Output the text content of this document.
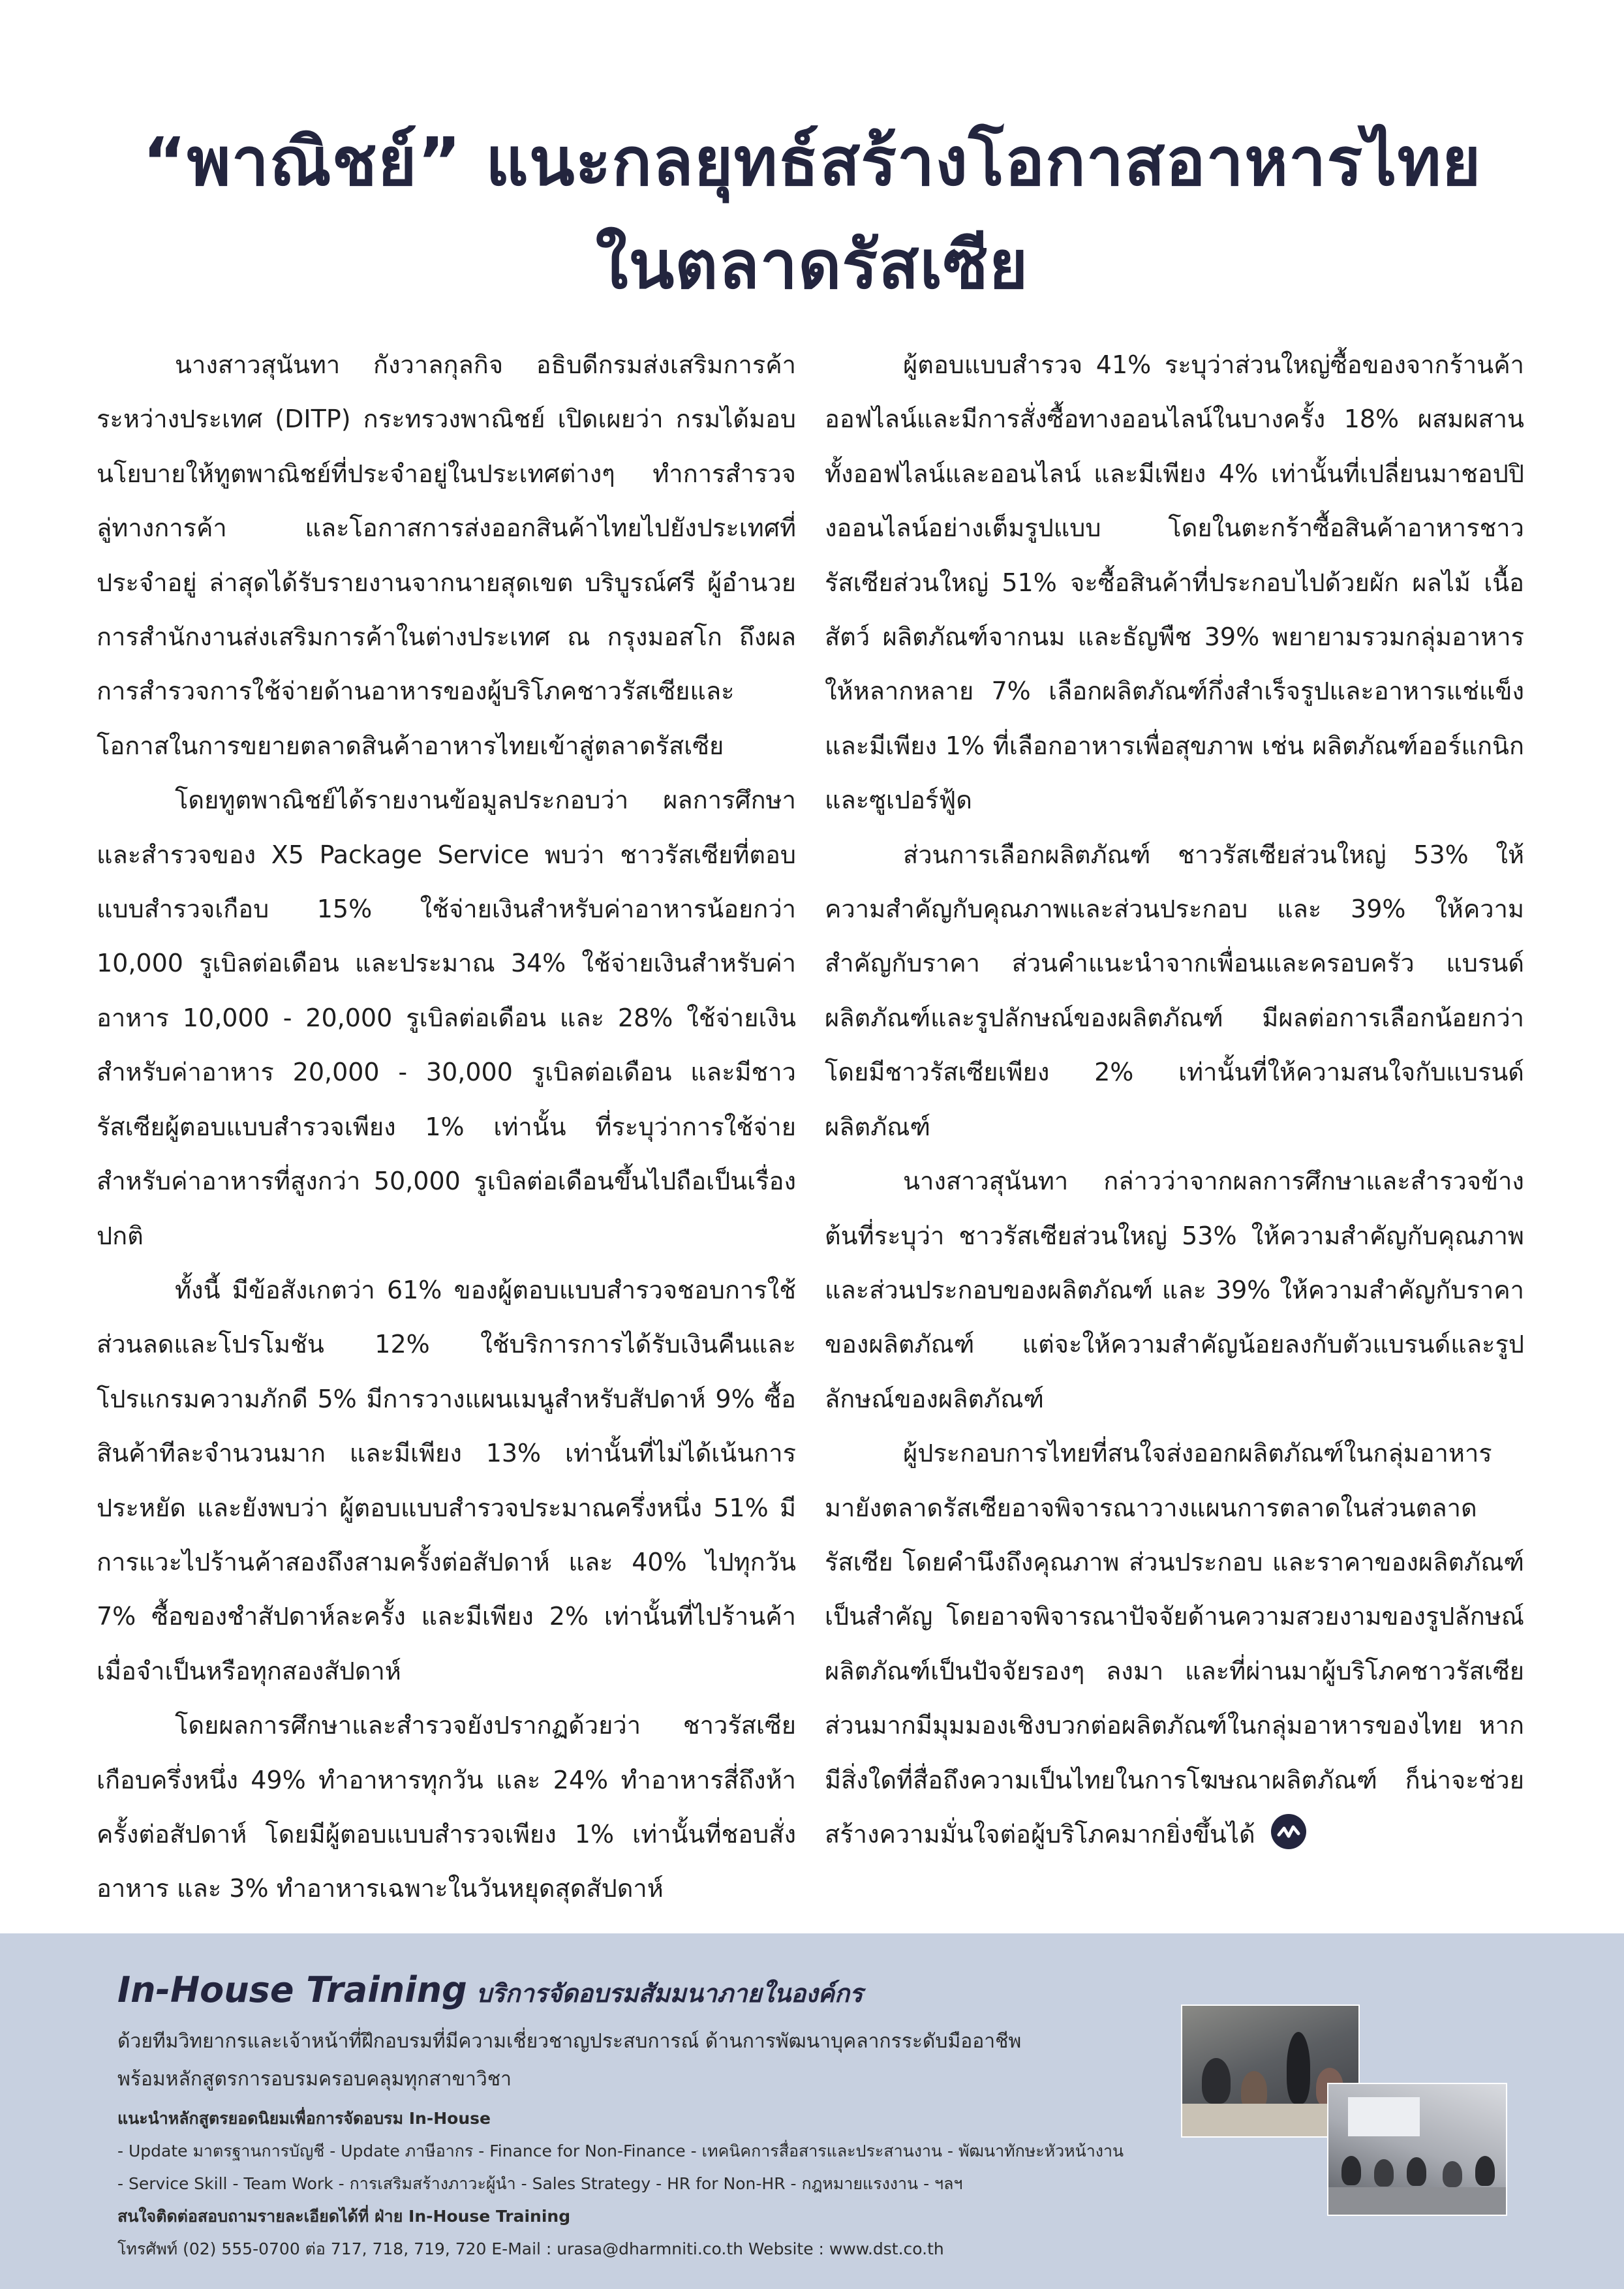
“พาณิชย์” แนะกลยุทธ์สร้างโอกาสอาหารไทย
ในตลาดรัสเซีย

นางสาวสุนันทา กังวาลกุลกิจ อธิบดีกรมส่งเสริมการค้าระหว่างประเทศ (DITP) กระทรวงพาณิชย์ เปิดเผยว่า กรมได้มอบนโยบายให้ทูตพาณิชย์ที่ประจำอยู่ในประเทศต่างๆ ทำการสำรวจลู่ทางการค้า และโอกาสการส่งออกสินค้าไทยไปยังประเทศที่ประจำอยู่ ล่าสุดได้รับรายงานจากนายสุดเขต บริบูรณ์ศรี ผู้อำนวยการสำนักงานส่งเสริมการค้าในต่างประเทศ ณ กรุงมอสโก ถึงผลการสำรวจการใช้จ่ายด้านอาหารของผู้บริโภคชาวรัสเซียและโอกาสในการขยายตลาดสินค้าอาหารไทยเข้าสู่ตลาดรัสเซีย

โดยทูตพาณิชย์ได้รายงานข้อมูลประกอบว่า ผลการศึกษาและสำรวจของ X5 Package Service พบว่า ชาวรัสเซียที่ตอบแบบสำรวจเกือบ 15% ใช้จ่ายเงินสำหรับค่าอาหารน้อยกว่า 10,000 รูเบิลต่อเดือน และประมาณ 34% ใช้จ่ายเงินสำหรับค่าอาหาร 10,000 - 20,000 รูเบิลต่อเดือน และ 28% ใช้จ่ายเงินสำหรับค่าอาหาร 20,000 - 30,000 รูเบิลต่อเดือน และมีชาวรัสเซียผู้ตอบแบบสำรวจเพียง 1% เท่านั้น ที่ระบุว่าการใช้จ่ายสำหรับค่าอาหารที่สูงกว่า 50,000 รูเบิลต่อเดือนขึ้นไปถือเป็นเรื่องปกติ

ทั้งนี้ มีข้อสังเกตว่า 61% ของผู้ตอบแบบสำรวจชอบการใช้ส่วนลดและโปรโมชัน 12% ใช้บริการการได้รับเงินคืนและโปรแกรมความภักดี 5% มีการวางแผนเมนูสำหรับสัปดาห์ 9% ซื้อสินค้าทีละจำนวนมาก และมีเพียง 13% เท่านั้นที่ไม่ได้เน้นการประหยัด และยังพบว่า ผู้ตอบแบบสำรวจประมาณครึ่งหนึ่ง 51% มีการแวะไปร้านค้าสองถึงสามครั้งต่อสัปดาห์ และ 40% ไปทุกวัน 7% ซื้อของชำสัปดาห์ละครั้ง และมีเพียง 2% เท่านั้นที่ไปร้านค้าเมื่อจำเป็นหรือทุกสองสัปดาห์

โดยผลการศึกษาและสำรวจยังปรากฏด้วยว่า ชาวรัสเซียเกือบครึ่งหนึ่ง 49% ทำอาหารทุกวัน และ 24% ทำอาหารสี่ถึงห้าครั้งต่อสัปดาห์ โดยมีผู้ตอบแบบสำรวจเพียง 1% เท่านั้นที่ชอบสั่งอาหาร และ 3% ทำอาหารเฉพาะในวันหยุดสุดสัปดาห์

ผู้ตอบแบบสำรวจ 41% ระบุว่าส่วนใหญ่ซื้อของจากร้านค้าออฟไลน์และมีการสั่งซื้อทางออนไลน์ในบางครั้ง 18% ผสมผสานทั้งออฟไลน์และออนไลน์ และมีเพียง 4% เท่านั้นที่เปลี่ยนมาชอปปิงออนไลน์อย่างเต็มรูปแบบ โดยในตะกร้าซื้อสินค้าอาหารชาวรัสเซียส่วนใหญ่ 51% จะซื้อสินค้าที่ประกอบไปด้วยผัก ผลไม้ เนื้อสัตว์ ผลิตภัณฑ์จากนม และธัญพืช 39% พยายามรวมกลุ่มอาหารให้หลากหลาย 7% เลือกผลิตภัณฑ์กึ่งสำเร็จรูปและอาหารแช่แข็ง และมีเพียง 1% ที่เลือกอาหารเพื่อสุขภาพ เช่น ผลิตภัณฑ์ออร์แกนิกและซูเปอร์ฟู้ด

ส่วนการเลือกผลิตภัณฑ์ ชาวรัสเซียส่วนใหญ่ 53% ให้ความสำคัญกับคุณภาพและส่วนประกอบ และ 39% ให้ความสำคัญกับราคา ส่วนคำแนะนำจากเพื่อนและครอบครัว แบรนด์ผลิตภัณฑ์และรูปลักษณ์ของผลิตภัณฑ์ มีผลต่อการเลือกน้อยกว่า โดยมีชาวรัสเซียเพียง 2% เท่านั้นที่ให้ความสนใจกับแบรนด์ผลิตภัณฑ์

นางสาวสุนันทา กล่าวว่าจากผลการศึกษาและสำรวจข้างต้นที่ระบุว่า ชาวรัสเซียส่วนใหญ่ 53% ให้ความสำคัญกับคุณภาพและส่วนประกอบของผลิตภัณฑ์ และ 39% ให้ความสำคัญกับราคาของผลิตภัณฑ์ แต่จะให้ความสำคัญน้อยลงกับตัวแบรนด์และรูปลักษณ์ของผลิตภัณฑ์

ผู้ประกอบการไทยที่สนใจส่งออกผลิตภัณฑ์ในกลุ่มอาหารมายังตลาดรัสเซียอาจพิจารณาวางแผนการตลาดในส่วนตลาดรัสเซีย โดยคำนึงถึงคุณภาพ ส่วนประกอบ และราคาของผลิตภัณฑ์เป็นสำคัญ โดยอาจพิจารณาปัจจัยด้านความสวยงามของรูปลักษณ์ผลิตภัณฑ์เป็นปัจจัยรองๆ ลงมา และที่ผ่านมาผู้บริโภคชาวรัสเซียส่วนมากมีมุมมองเชิงบวกต่อผลิตภัณฑ์ในกลุ่มอาหารของไทย หากมีสิ่งใดที่สื่อถึงความเป็นไทยในการโฆษณาผลิตภัณฑ์ ก็น่าจะช่วยสร้างความมั่นใจต่อผู้บริโภคมากยิ่งขึ้นได้

In-House Training บริการจัดอบรมสัมมนาภายในองค์กร
ด้วยทีมวิทยากรและเจ้าหน้าที่ฝึกอบรมที่มีความเชี่ยวชาญประสบการณ์ ด้านการพัฒนาบุคลากรระดับมืออาชีพ
พร้อมหลักสูตรการอบรมครอบคลุมทุกสาขาวิชา
แนะนำหลักสูตรยอดนิยมเพื่อการจัดอบรม In-House
- Update มาตรฐานการบัญชี - Update ภาษีอากร - Finance for Non-Finance - เทคนิคการสื่อสารและประสานงาน - พัฒนาทักษะหัวหน้างาน
- Service Skill - Team Work - การเสริมสร้างภาวะผู้นำ - Sales Strategy - HR for Non-HR - กฎหมายแรงงาน - ฯลฯ
สนใจติดต่อสอบถามรายละเอียดได้ที่ ฝ่าย In-House Training
โทรศัพท์ (02) 555-0700 ต่อ 717, 718, 719, 720 E-Mail : urasa@dharmniti.co.th Website : www.dst.co.th
